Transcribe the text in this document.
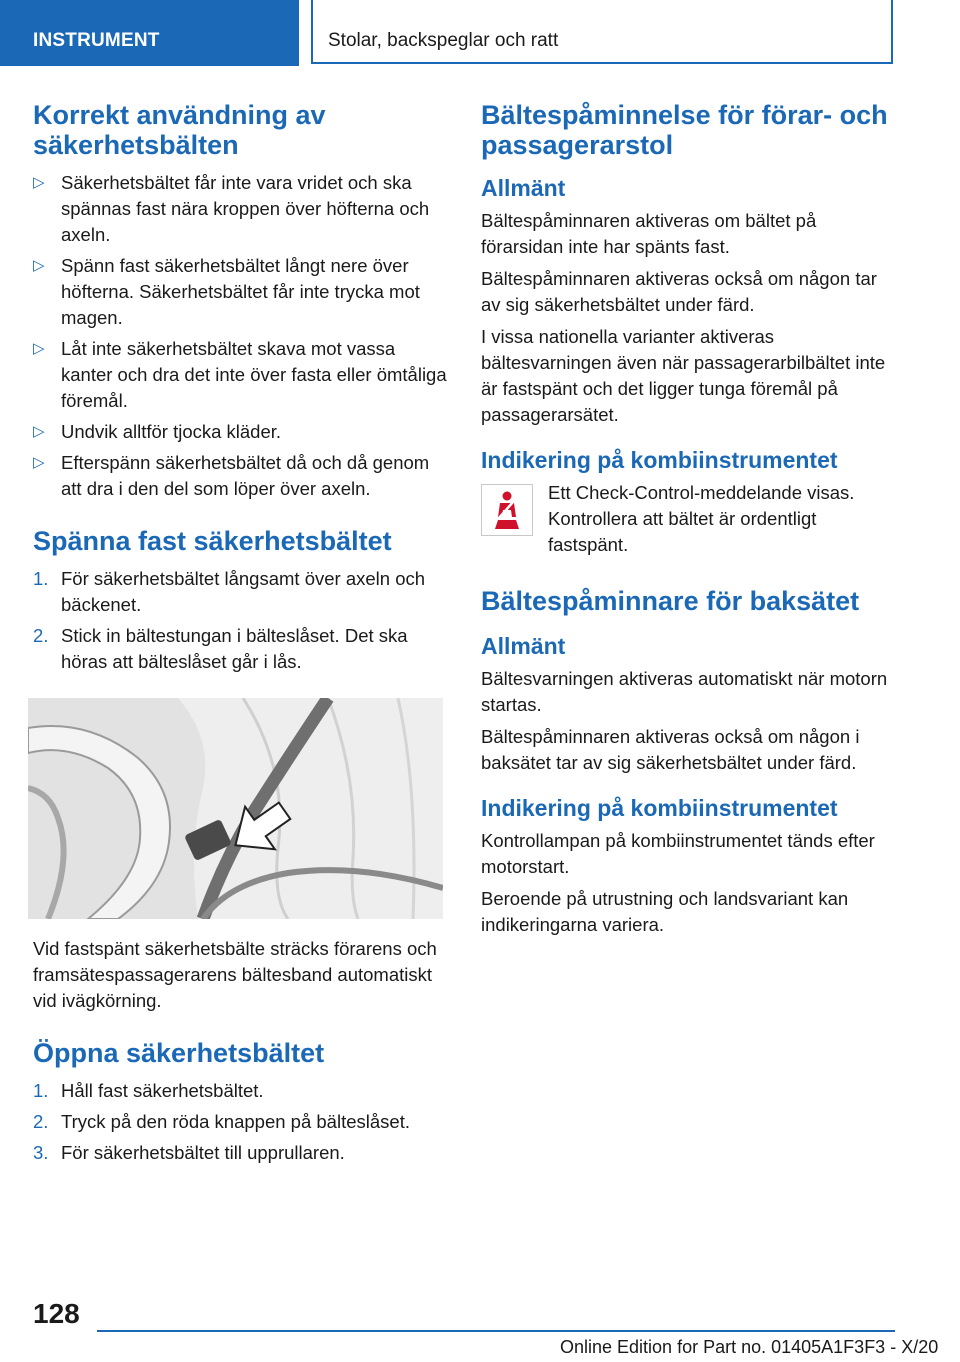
INSTRUMENT	Stolar, backspeglar och ratt
Korrekt användning av säkerhetsbälten
▷ Säkerhetsbältet får inte vara vridet och ska spännas fast nära kroppen över höfterna och axeln.
▷ Spänn fast säkerhetsbältet långt nere över höfterna. Säkerhetsbältet får inte trycka mot magen.
▷ Låt inte säkerhetsbältet skava mot vassa kanter och dra det inte över fasta eller ömtåliga föremål.
▷ Undvik alltför tjocka kläder.
▷ Efterspänn säkerhetsbältet då och då genom att dra i den del som löper över axeln.
Spänna fast säkerhetsbältet
1. För säkerhetsbältet långsamt över axeln och bäckenet.
2. Stick in bältestungan i bälteslåset. Det ska höras att bälteslåset går i lås.

Vid fastspänt säkerhetsbälte sträcks förarens och framsätespassagerarens bältesband automatiskt vid ivägkörning.

Öppna säkerhetsbältet
1. Håll fast säkerhetsbältet.
2. Tryck på den röda knappen på bälteslåset.
3. För säkerhetsbältet till upprullaren.
Bältespåminnelse för förar- och passagerarstol
Allmänt

Bältespåminnaren aktiveras om bältet på förarsidan inte har spänts fast.

Bältespåminnaren aktiveras också om någon tar av sig säkerhetsbältet under färd.

I vissa nationella varianter aktiveras bältesvarningen även när passagerarbilbältet inte är fastspänt och det ligger tunga föremål på passagerarsätet.

Indikering på kombiinstrumentet

Ett Check-Control-meddelande visas. Kontrollera att bältet är ordentligt fastspänt.

Bältespåminnare för baksätet
Allmänt

Bältesvarningen aktiveras automatiskt när motorn startas.

Bältespåminnaren aktiveras också om någon i baksätet tar av sig säkerhetsbältet under färd.

Indikering på kombiinstrumentet

Kontrollampan på kombiinstrumentet tänds efter motorstart.

Beroende på utrustning och landsvariant kan indikeringarna variera.

128
Online Edition for Part no. 01405A1F3F3 - X/20
